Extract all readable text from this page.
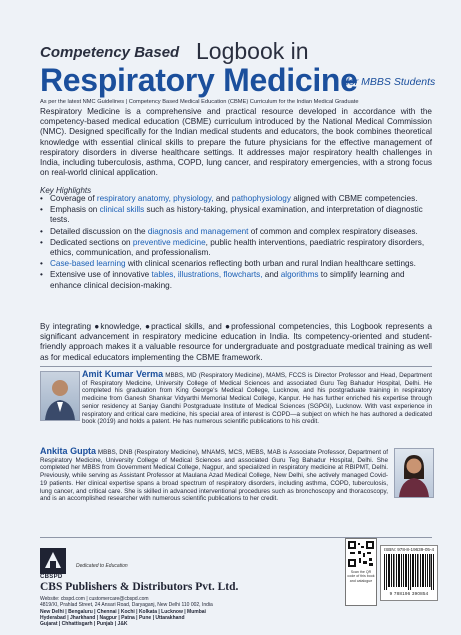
Competency Based Logbook in
Respiratory Medicine
for MBBS Students
As per the latest NMC Guidelines | Competency Based Medical Education (CBME) Curriculum for the Indian Medical Graduate
Respiratory Medicine is a comprehensive and practical resource developed in accordance with the competency-based medical education (CBME) curriculum introduced by the National Medical Commission (NMC). Designed specifically for the Indian medical students and educators, the book combines theoretical knowledge with essential clinical skills to prepare the future physicians for the effective management of respiratory disorders in diverse healthcare settings. It addresses major respiratory health challenges in India, including tuberculosis, asthma, COPD, lung cancer, and respiratory emergencies, with a strong focus on real-world clinical application.
Key Highlights
• Coverage of respiratory anatomy, physiology, and pathophysiology aligned with CBME competencies.
• Emphasis on clinical skills such as history-taking, physical examination, and interpretation of diagnostic tests.
• Detailed discussion on the diagnosis and management of common and complex respiratory diseases.
• Dedicated sections on preventive medicine, public health interventions, paediatric respiratory disorders, ethics, communication, and professionalism.
• Case-based learning with clinical scenarios reflecting both urban and rural Indian healthcare settings.
• Extensive use of innovative tables, illustrations, flowcharts, and algorithms to simplify learning and enhance clinical decision-making.
By integrating ●knowledge, ●practical skills, and ●professional competencies, this Logbook represents a significant advancement in respiratory medicine education in India. Its competency-oriented and student-friendly approach makes it a valuable resource for undergraduate and postgraduate medical training as well as for medical educators implementing the CBME framework.
Amit Kumar Verma MBBS, MD (Respiratory Medicine), MAMS, FCCS is Director Professor and Head, Department of Respiratory Medicine, University College of Medical Sciences and associated Guru Teg Bahadur Hospital, Delhi. He completed his graduation from King George's Medical College, Lucknow, and his postgraduate training in respiratory medicine from Ganesh Shankar Vidyarthi Memorial Medical College, Kanpur. He has further enriched his expertise through senior residency at Sanjay Gandhi Postgraduate Institute of Medical Sciences (SGPGI), Lucknow. With vast experience in respiratory and critical care medicine, his special area of interest is COPD—a subject on which he has authored a dedicated book (2019) and holds a patent. He has numerous scientific publications to his credit.
Ankita Gupta MBBS, DNB (Respiratory Medicine), MNAMS, MCS, MEBS, MAB is Associate Professor, Department of Respiratory Medicine, University College of Medical Sciences and associated Guru Teg Bahadur Hospital, Delhi. She completed her MBBS from Government Medical College, Nagpur, and specialized in respiratory medicine at RBIPMT, Delhi. Previously, while serving as Assistant Professor at Maulana Azad Medical College, New Delhi, she actively managed Covid-19 patients. Her clinical expertise spans a broad spectrum of respiratory disorders, including asthma, COPD, tuberculosis, lung cancer, and critical care. She is skilled in advanced interventional procedures such as bronchoscopy and thoracoscopy, and is an accomplished researcher with numerous scientific publications to her credit.
CBSPD
Dedicated to Education
CBS Publishers & Distributors Pvt. Ltd.
Website: cbspd.com | customercare@cbspd.com
4819/XI, Prahlad Street, 24 Ansari Road, Daryaganj, New Delhi 110 002, India
New Delhi | Bengaluru | Chennai | Kochi | Kolkata | Lucknow | Mumbai
Hyderabad | Jharkhand | Nagpur | Patna | Pune | Uttarakhand
Gujarat | Chhattisgarh | Punjab | J&K
Scan the QR code of this book and catalogue
ISBN: 978-8-19639-05-4
9 788196 390854
